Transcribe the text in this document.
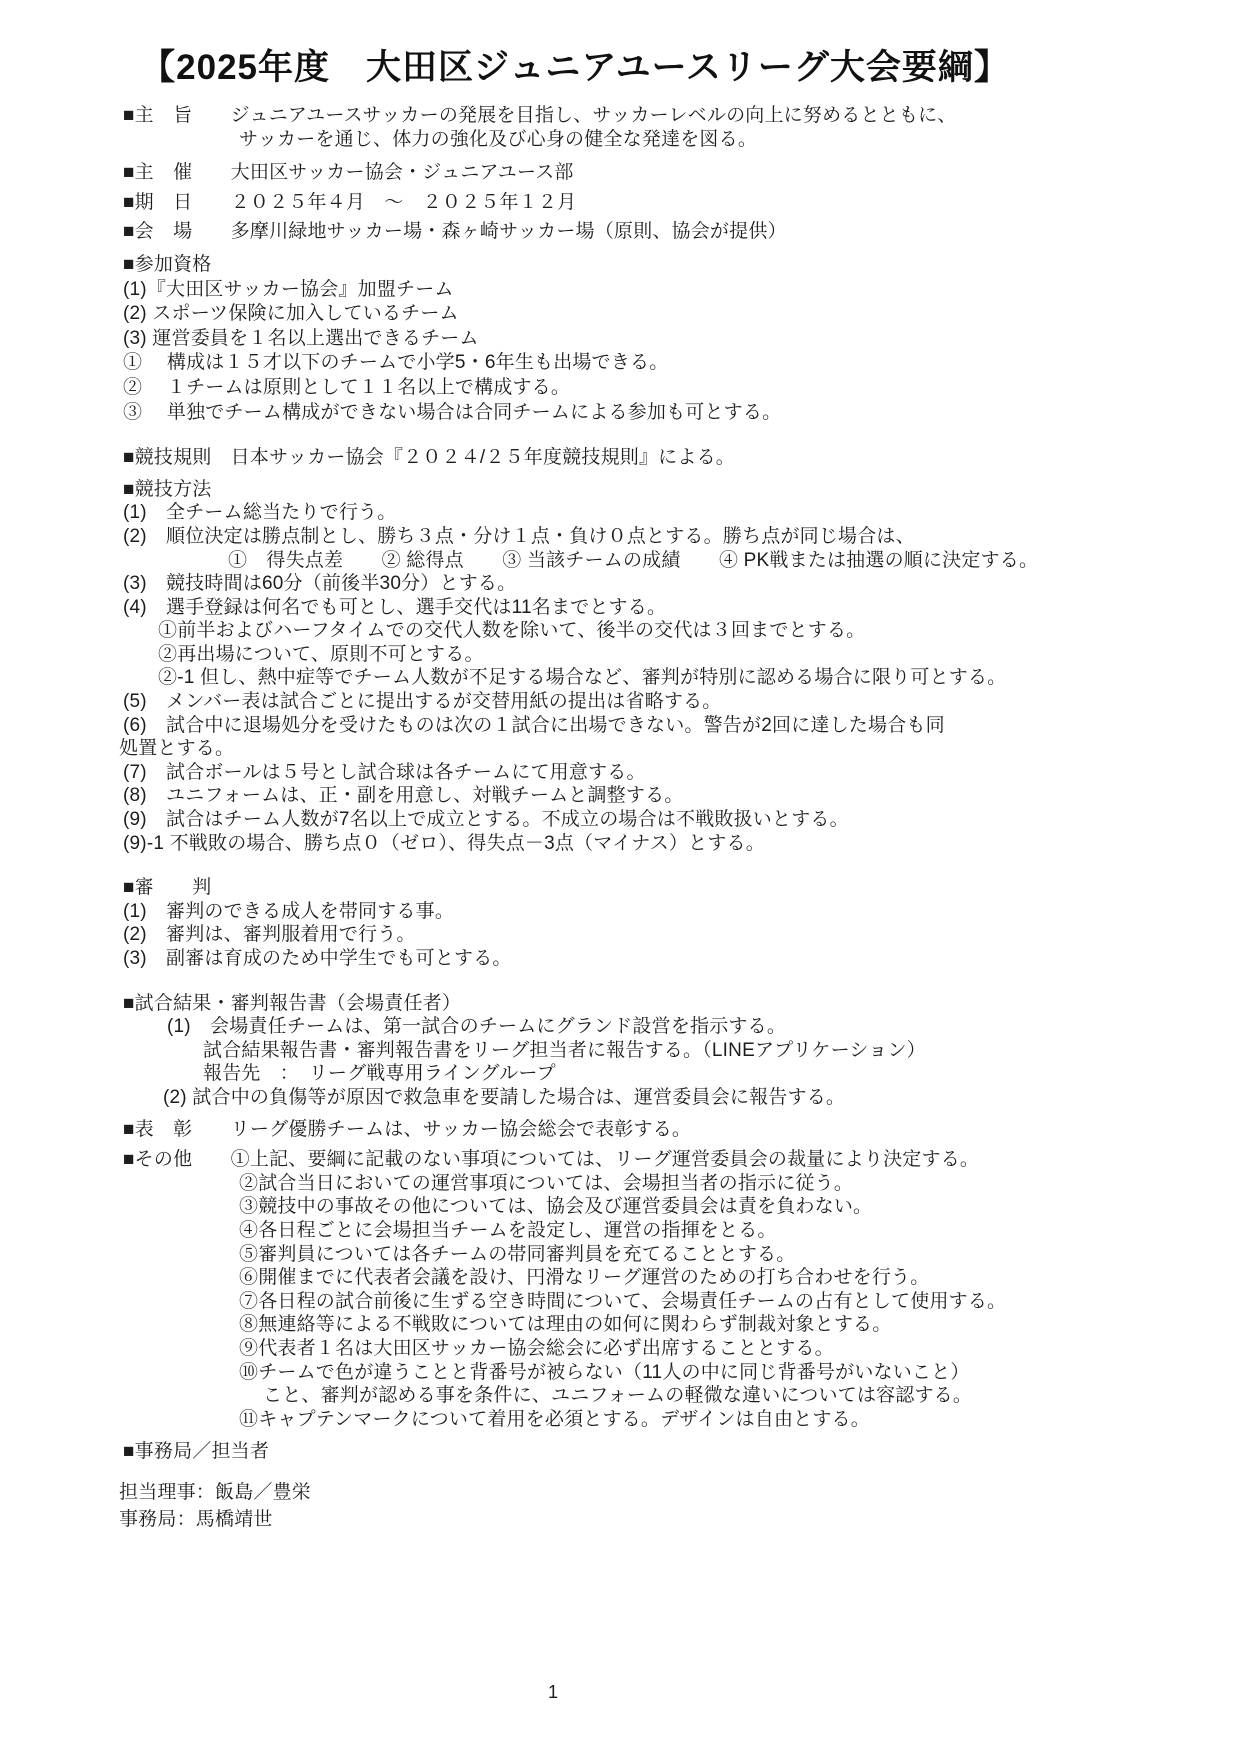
【2025年度　大田区ジュニアユースリーグ大会要綱】
■主　旨　　ジュニアユースサッカーの発展を目指し、サッカーレベルの向上に努めるとともに、
サッカーを通じ、体力の強化及び心身の健全な発達を図る。
■主　催　　大田区サッカー協会・ジュニアユース部
■期　日　　２０２５年４月　～　２０２５年１２月
■会　場　　多摩川緑地サッカー場・森ヶ崎サッカー場（原則、協会が提供）
■参加資格
(1)『大田区サッカー協会』加盟チーム
(2) スポーツ保険に加入しているチーム
(3) 運営委員を１名以上選出できるチーム
①　 構成は１５才以下のチームで小学5・6年生も出場できる。
②　 １チームは原則として１１名以上で構成する。
③　 単独でチーム構成ができない場合は合同チームによる参加も可とする。
■競技規則　日本サッカー協会『２０２４/２５年度競技規則』による。
■競技方法
(1)　全チーム総当たりで行う。
(2)　順位決定は勝点制とし、勝ち３点・分け１点・負け０点とする。勝ち点が同じ場合は、
①　得失点差　　② 総得点　　③ 当該チームの成績　　④ PK戦または抽選の順に決定する。
(3)　競技時間は60分（前後半30分）とする。
(4)　選手登録は何名でも可とし、選手交代は11名までとする。
①前半およびハーフタイムでの交代人数を除いて、後半の交代は３回までとする。
②再出場について、原則不可とする。
②-1 但し、熱中症等でチーム人数が不足する場合など、審判が特別に認める場合に限り可とする。
(5)　メンバー表は試合ごとに提出するが交替用紙の提出は省略する。
(6)　試合中に退場処分を受けたものは次の１試合に出場できない。警告が2回に達した場合も同
処置とする。
(7)　試合ボールは５号とし試合球は各チームにて用意する。
(8)　ユニフォームは、正・副を用意し、対戦チームと調整する。
(9)　試合はチーム人数が7名以上で成立とする。不成立の場合は不戦敗扱いとする。
(9)-1 不戦敗の場合、勝ち点０（ゼロ）、得失点－3点（マイナス）とする。
■審　　判
(1)　審判のできる成人を帯同する事。
(2)　審判は、審判服着用で行う。
(3)　副審は育成のため中学生でも可とする。
■試合結果・審判報告書（会場責任者）
(1)　会場責任チームは、第一試合のチームにグランド設営を指示する。
試合結果報告書・審判報告書をリーグ担当者に報告する。（LINEアプリケーション）
報告先　：　リーグ戦専用ライングループ
(2) 試合中の負傷等が原因で救急車を要請した場合は、運営委員会に報告する。
■表　彰　　リーグ優勝チームは、サッカー協会総会で表彰する。
■その他　　①上記、要綱に記載のない事項については、リーグ運営委員会の裁量により決定する。
②試合当日においての運営事項については、会場担当者の指示に従う。
③競技中の事故その他については、協会及び運営委員会は責を負わない。
④各日程ごとに会場担当チームを設定し、運営の指揮をとる。
⑤審判員については各チームの帯同審判員を充てることとする。
⑥開催までに代表者会議を設け、円滑なリーグ運営のための打ち合わせを行う。
⑦各日程の試合前後に生ずる空き時間について、会場責任チームの占有として使用する。
⑧無連絡等による不戦敗については理由の如何に関わらず制裁対象とする。
⑨代表者１名は大田区サッカー協会総会に必ず出席することとする。
⑩チームで色が違うことと背番号が被らない（11人の中に同じ背番号がいないこと）
こと、審判が認める事を条件に、ユニフォームの軽微な違いについては容認する。
⑪キャプテンマークについて着用を必須とする。デザインは自由とする。
■事務局／担当者
担当理事：飯島／豊栄
事務局：馬橋靖世
1
